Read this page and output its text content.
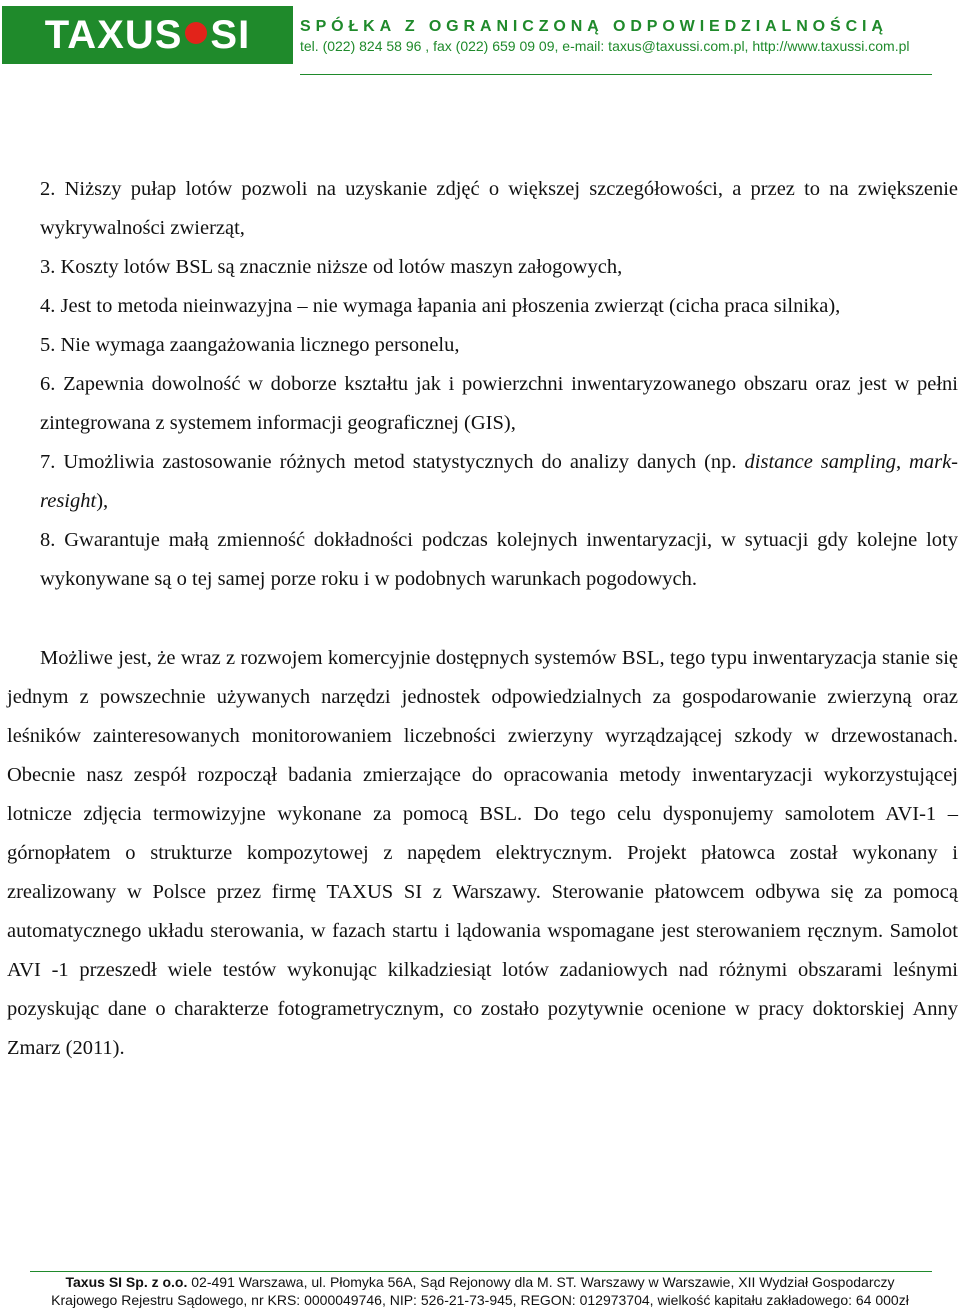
TAXUS SI	SPÓŁKA Z OGRANICZONĄ ODPOWIEDZIALNOŚCIĄ
tel. (022) 824 58 96 , fax (022) 659 09 09, e-mail: taxus@taxussi.com.pl, http://www.taxussi.com.pl

2. Niższy pułap lotów pozwoli na uzyskanie zdjęć o większej szczegółowości, a przez to na zwiększenie wykrywalności zwierząt,

3. Koszty lotów BSL są znacznie niższe od lotów maszyn załogowych,

4. Jest to metoda nieinwazyjna – nie wymaga łapania ani płoszenia zwierząt (cicha praca silnika),

5. Nie wymaga zaangażowania licznego personelu,

6. Zapewnia dowolność w doborze kształtu jak i powierzchni inwentaryzowanego obszaru oraz jest w pełni zintegrowana z systemem informacji geograficznej (GIS),

7. Umożliwia zastosowanie różnych metod statystycznych do analizy danych (np. distance sampling, mark-resight),

8. Gwarantuje małą zmienność dokładności podczas kolejnych inwentaryzacji, w sytuacji gdy kolejne loty wykonywane są o tej samej porze roku i w podobnych warunkach pogodowych.

Możliwe jest, że wraz z rozwojem komercyjnie dostępnych systemów BSL, tego typu inwentaryzacja stanie się jednym z powszechnie używanych narzędzi jednostek odpowiedzialnych za gospodarowanie zwierzyną oraz leśników zainteresowanych monitorowaniem liczebności zwierzyny wyrządzającej szkody w drzewostanach. Obecnie nasz zespół rozpoczął badania zmierzające do opracowania metody inwentaryzacji wykorzystującej lotnicze zdjęcia termowizyjne wykonane za pomocą BSL. Do tego celu dysponujemy samolotem AVI-1 – górnopłatem o strukturze kompozytowej z napędem elektrycznym. Projekt płatowca został wykonany i zrealizowany w Polsce przez firmę TAXUS SI z Warszawy. Sterowanie płatowcem odbywa się za pomocą automatycznego układu sterowania, w fazach startu i lądowania wspomagane jest sterowaniem ręcznym. Samolot AVI -1 przeszedł wiele testów wykonując kilkadziesiąt lotów zadaniowych nad różnymi obszarami leśnymi pozyskując dane o charakterze fotogrametrycznym, co zostało pozytywnie ocenione w pracy doktorskiej Anny Zmarz (2011).

Taxus SI Sp. z o.o. 02-491 Warszawa, ul. Płomyka 56A, Sąd Rejonowy dla M. ST. Warszawy w Warszawie, XII Wydział Gospodarczy
Krajowego Rejestru Sądowego, nr KRS: 0000049746, NIP: 526-21-73-945, REGON: 012973704, wielkość kapitału zakładowego: 64 000zł
